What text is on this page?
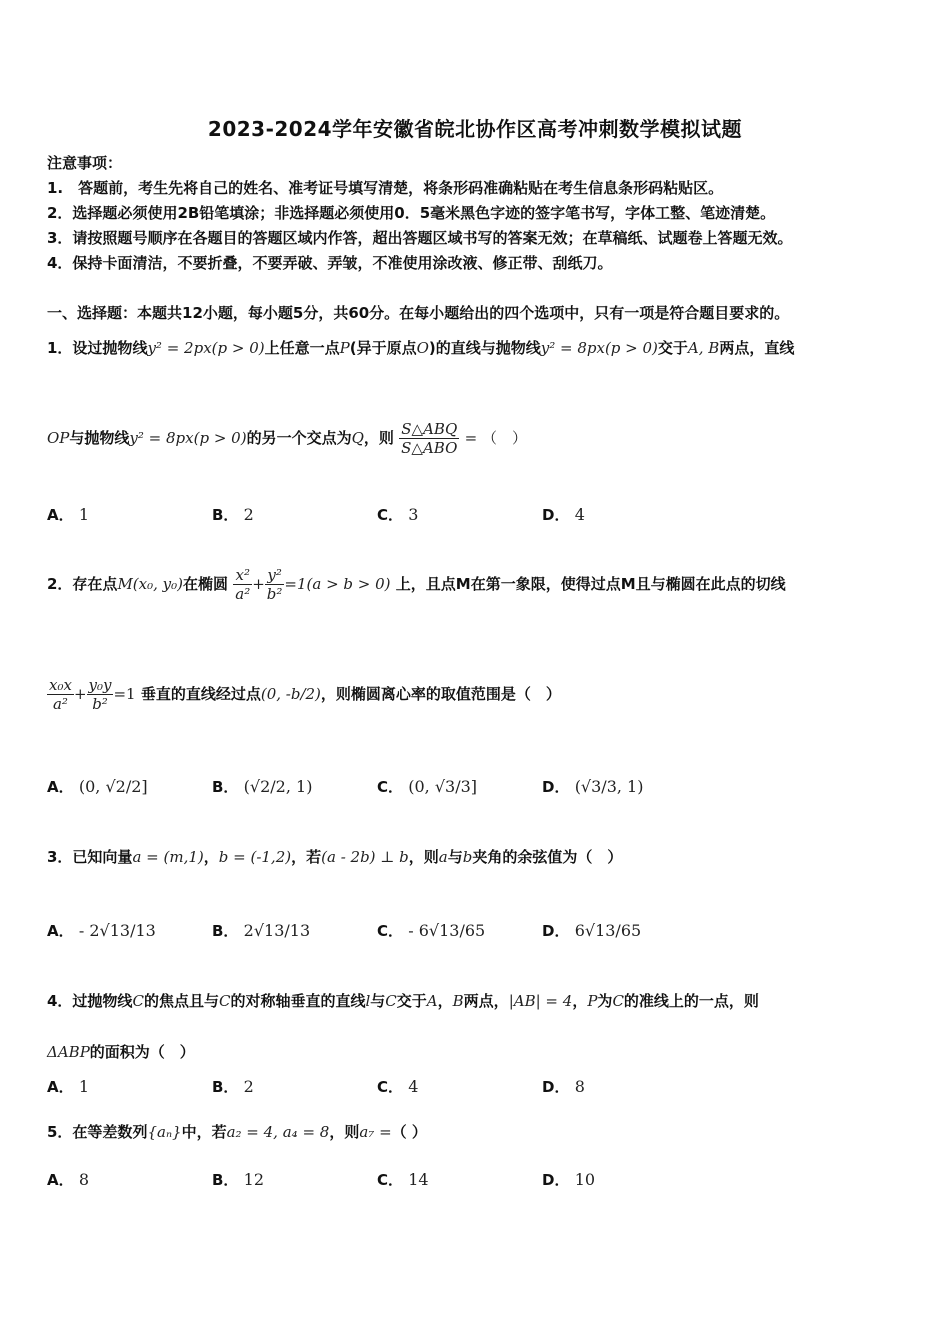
2023-2024学年安徽省皖北协作区高考冲刺数学模拟试题
注意事项：
1.　答题前，考生先将自己的姓名、准考证号填写清楚，将条形码准确粘贴在考生信息条形码粘贴区。
2．选择题必须使用2B铅笔填涂；非选择题必须使用0．5毫米黑色字迹的签字笔书写，字体工整、笔迹清楚。
3．请按照题号顺序在各题目的答题区域内作答，超出答题区域书写的答案无效；在草稿纸、试题卷上答题无效。
4．保持卡面清洁，不要折叠，不要弄破、弄皱，不准使用涂改液、修正带、刮纸刀。
一、选择题：本题共12小题，每小题5分，共60分。在每小题给出的四个选项中，只有一项是符合题目要求的。
1．设过抛物线y² = 2px(p > 0)上任意一点P(异于原点O)的直线与抛物线y² = 8px(p > 0)交于A, B两点，直线
OP与抛物线y² = 8px(p > 0)的另一个交点为Q，则 $\frac{\text{S△ABQ}}{\text{S△ABO}}$ = （　）
A． 1	B． 2	C． 3	D． 4
2．存在点M(x₀, y₀)在椭圆 $\frac{\text{x²}}{\text{a²}} + \frac{\text{y²}}{\text{b²}} =1(a > b > 0)$ 上，且点M在第一象限，使得过点M且与椭圆在此点的切线
$\frac{\text{x₀x}}{\text{a²}} + \frac{\text{y₀y}}{\text{b²}} =1$ 垂直的直线经过点(0, -b/2)，则椭圆离心率的取值范围是（　）
A． (0, √2/2]	B． (√2/2, 1)	C． (0, √3/3]	D． (√3/3, 1)
3．已知向量a = (m,1)，b = (-1,2)，若(a - 2b) ⊥ b，则a与b夹角的余弦值为（　）
A． - 2√13/13	B． 2√13/13	C． - 6√13/65	D． 6√13/65
4．过抛物线C的焦点且与C的对称轴垂直的直线l与C交于A，B两点，|AB| = 4，P为C的准线上的一点，则
ΔABP的面积为（　）
A． 1	B． 2	C． 4	D． 8
5．在等差数列{aₙ}中，若a₂ = 4, a₄ = 8，则a₇ =（ ）
A． 8	B． 12	C． 14	D． 10
